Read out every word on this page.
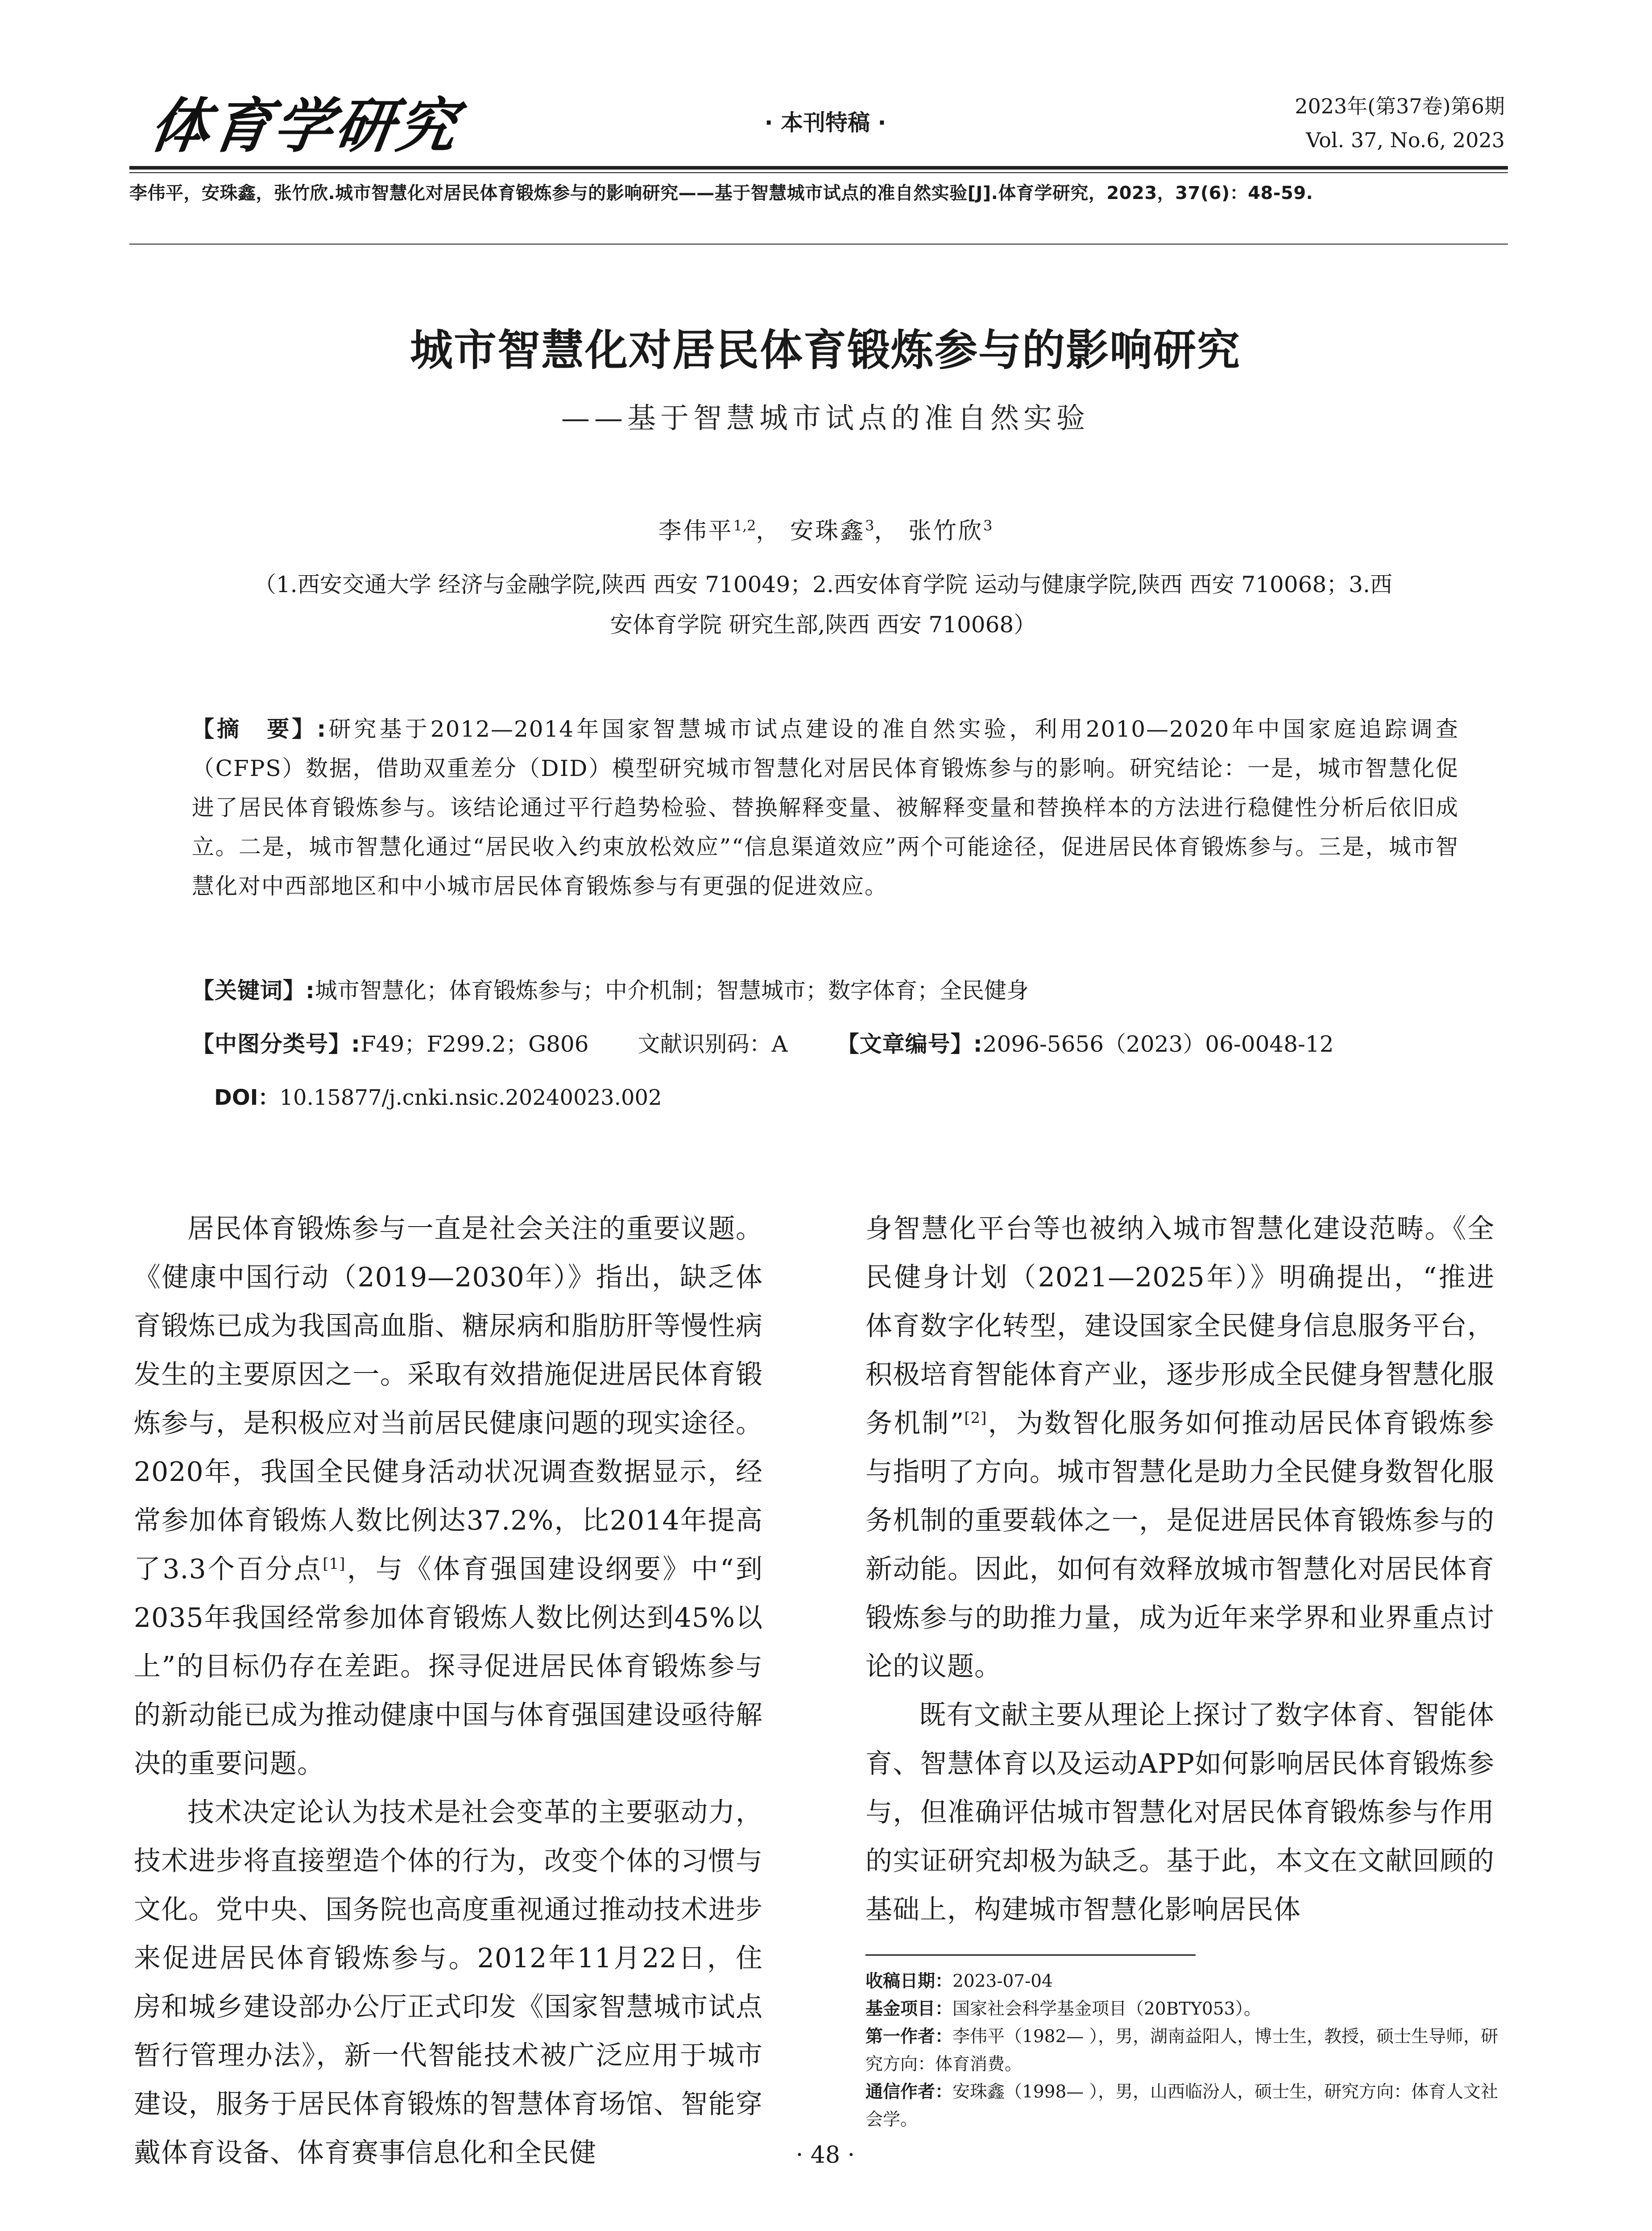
体育学研究	· 本刊特稿 ·
2023年(第37卷)第6期
Vol. 37, No.6, 2023
李伟平，安珠鑫，张竹欣.城市智慧化对居民体育锻炼参与的影响研究——基于智慧城市试点的准自然实验[J].体育学研究，2023，37(6)：48-59.
城市智慧化对居民体育锻炼参与的影响研究
——基于智慧城市试点的准自然实验
李伟平$^{1,2}$， 安珠鑫$^3$， 张竹欣$^3$
（1.西安交通大学 经济与金融学院,陕西 西安 710049；2.西安体育学院 运动与健康学院,陕西 西安 710068；3.西
安体育学院 研究生部,陕西 西安 710068）

【摘　要】:研究基于2012—2014年国家智慧城市试点建设的准自然实验，利用2010—2020年中国家庭追踪调查（CFPS）数据，借助双重差分（DID）模型研究城市智慧化对居民体育锻炼参与的影响。研究结论：一是，城市智慧化促进了居民体育锻炼参与。该结论通过平行趋势检验、替换解释变量、被解释变量和替换样本的方法进行稳健性分析后依旧成立。二是，城市智慧化通过“居民收入约束放松效应”“信息渠道效应”两个可能途径，促进居民体育锻炼参与。三是，城市智慧化对中西部地区和中小城市居民体育锻炼参与有更强的促进效应。

【关键词】:城市智慧化；体育锻炼参与；中介机制；智慧城市；数字体育；全民健身
【中图分类号】:F49；F299.2；G806 文献识别码：A 【文章编号】:2096-5656（2023）06-0048-12
DOI：10.15877/j.cnki.nsic.20240023.002

居民体育锻炼参与一直是社会关注的重要议题。《健康中国行动（2019—2030年）》指出，缺乏体育锻炼已成为我国高血脂、糖尿病和脂肪肝等慢性病发生的主要原因之一。采取有效措施促进居民体育锻炼参与，是积极应对当前居民健康问题的现实途径。2020年，我国全民健身活动状况调查数据显示，经常参加体育锻炼人数比例达37.2%，比2014年提高了3.3个百分点[1]，与《体育强国建设纲要》中“到2035年我国经常参加体育锻炼人数比例达到45%以上”的目标仍存在差距。探寻促进居民体育锻炼参与的新动能已成为推动健康中国与体育强国建设亟待解决的重要问题。

技术决定论认为技术是社会变革的主要驱动力，技术进步将直接塑造个体的行为，改变个体的习惯与文化。党中央、国务院也高度重视通过推动技术进步来促进居民体育锻炼参与。2012年11月22日，住房和城乡建设部办公厅正式印发《国家智慧城市试点暂行管理办法》，新一代智能技术被广泛应用于城市建设，服务于居民体育锻炼的智慧体育场馆、智能穿戴体育设备、体育赛事信息化和全民健

身智慧化平台等也被纳入城市智慧化建设范畴。《全民健身计划（2021—2025年）》明确提出，“推进体育数字化转型，建设国家全民健身信息服务平台，积极培育智能体育产业，逐步形成全民健身智慧化服务机制”[2]，为数智化服务如何推动居民体育锻炼参与指明了方向。城市智慧化是助力全民健身数智化服务机制的重要载体之一，是促进居民体育锻炼参与的新动能。因此，如何有效释放城市智慧化对居民体育锻炼参与的助推力量，成为近年来学界和业界重点讨论的议题。

既有文献主要从理论上探讨了数字体育、智能体育、智慧体育以及运动APP如何影响居民体育锻炼参与，但准确评估城市智慧化对居民体育锻炼参与作用的实证研究却极为缺乏。基于此，本文在文献回顾的基础上，构建城市智慧化影响居民体

收稿日期：2023-07-04

基金项目：国家社会科学基金项目（20BTY053）。

第一作者：李伟平（1982— ），男，湖南益阳人，博士生，教授，硕士生导师，研究方向：体育消费。

通信作者：安珠鑫（1998— ），男，山西临汾人，硕士生，研究方向：体育人文社会学。

· 48 ·
